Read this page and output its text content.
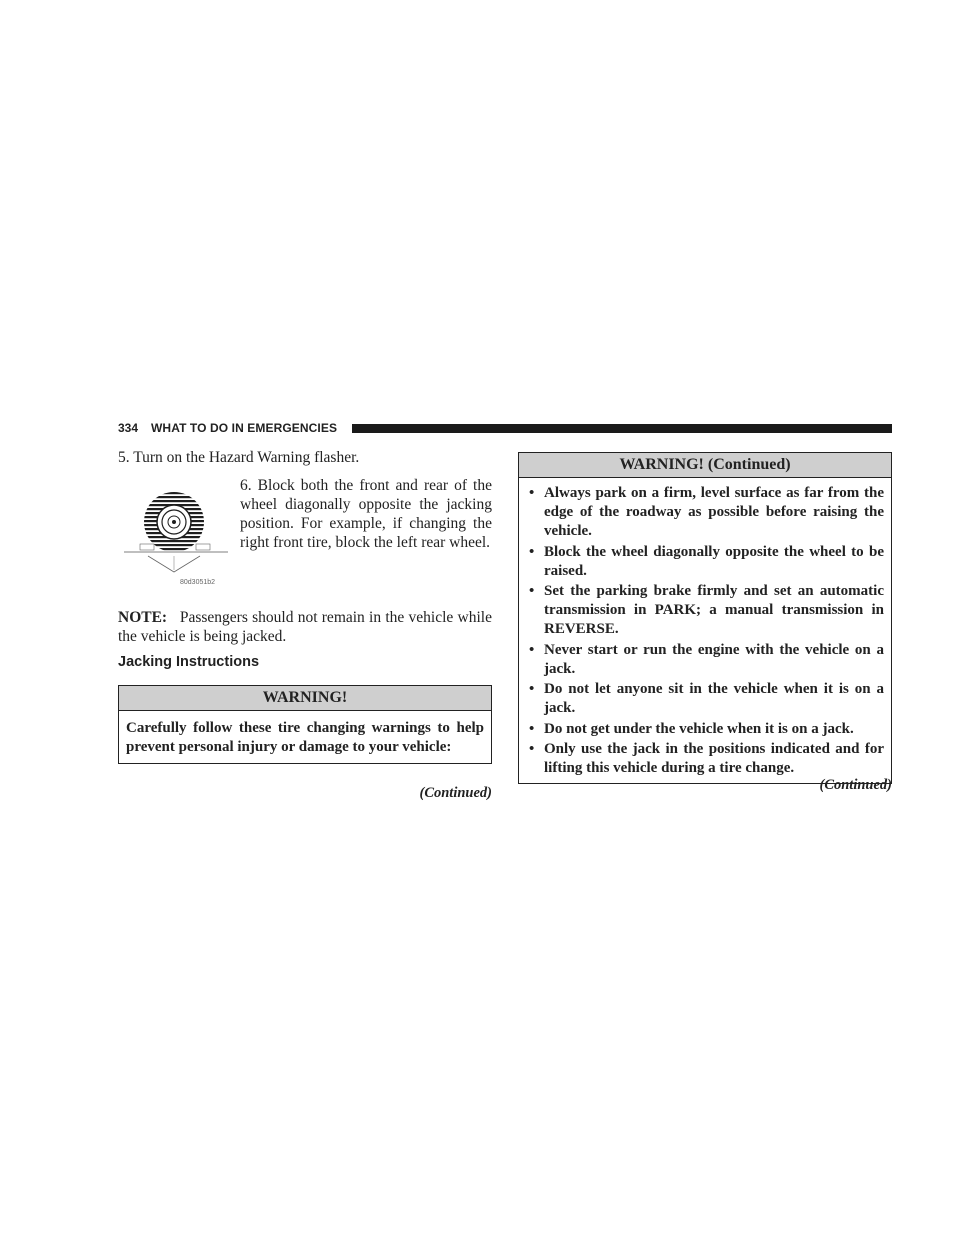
334 WHAT TO DO IN EMERGENCIES

5. Turn on the Hazard Warning flasher.

80d3051b2

6. Block both the front and rear of the wheel diagonally opposite the jacking position. For example, if changing the right front tire, block the left rear wheel.

NOTE: Passengers should not remain in the vehicle while the vehicle is being jacked.

Jacking Instructions
WARNING!
Carefully follow these tire changing warnings to help prevent personal injury or damage to your vehicle:
(Continued)
WARNING! (Continued)
• Always park on a firm, level surface as far from the edge of the roadway as possible before raising the vehicle.
• Block the wheel diagonally opposite the wheel to be raised.
• Set the parking brake firmly and set an automatic transmission in PARK; a manual transmission in REVERSE.
• Never start or run the engine with the vehicle on a jack.
• Do not let anyone sit in the vehicle when it is on a jack.
• Do not get under the vehicle when it is on a jack.
• Only use the jack in the positions indicated and for lifting this vehicle during a tire change.
(Continued)
